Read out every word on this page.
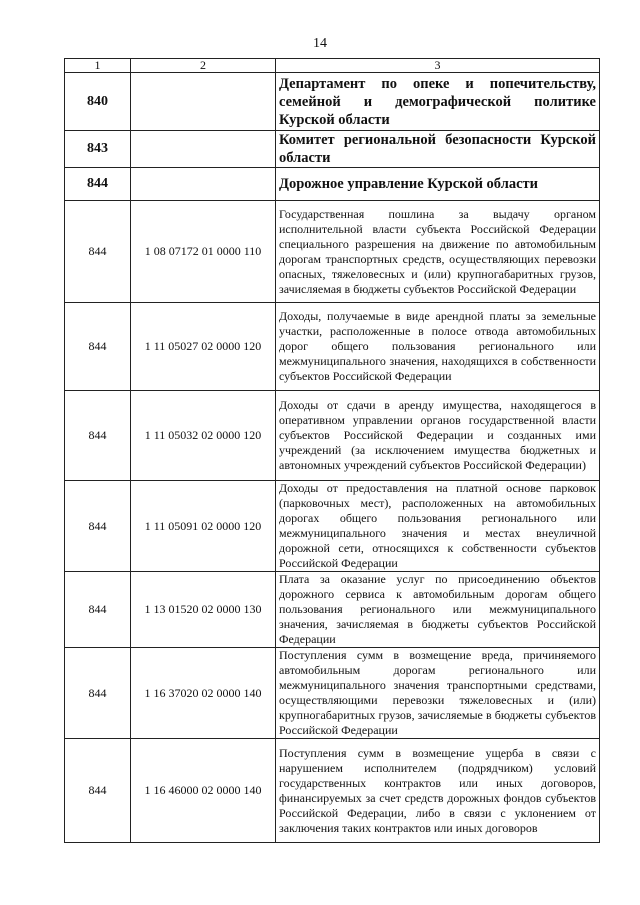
14
1	2	3
840		Департамент по опеке и попечительству, семейной и демографической политике Курской области
843		Комитет региональной безопасности Курской области
844		Дорожное управление Курской области
844	1 08 07172 01 0000 110	Государственная пошлина за выдачу органом исполнительной власти субъекта Российской Федерации специального разрешения на движение по автомобильным дорогам транспортных средств, осуществляющих перевозки опасных, тяжеловесных и (или) крупногабаритных грузов, зачисляемая в бюджеты субъектов Российской Федерации
844	1 11 05027 02 0000 120	Доходы, получаемые в виде арендной платы за земельные участки, расположенные в полосе отвода автомобильных дорог общего пользования регионального или межмуниципального значения, находящихся в собственности субъектов Российской Федерации
844	1 11 05032 02 0000 120	Доходы от сдачи в аренду имущества, находящегося в оперативном управлении органов государственной власти субъектов Российской Федерации и созданных ими учреждений (за исключением имущества бюджетных и автономных учреждений субъектов Российской Федерации)
844	1 11 05091 02 0000 120	Доходы от предоставления на платной основе парковок (парковочных мест), расположенных на автомобильных дорогах общего пользования регионального или межмуниципального значения и местах внеуличной дорожной сети, относящихся к собственности субъектов Российской Федерации
844	1 13 01520 02 0000 130	Плата за оказание услуг по присоединению объектов дорожного сервиса к автомобильным дорогам общего пользования регионального или межмуниципального значения, зачисляемая в бюджеты субъектов Российской Федерации
844	1 16 37020 02 0000 140	Поступления сумм в возмещение вреда, причиняемого автомобильным дорогам регионального или межмуниципального значения транспортными средствами, осуществляющими перевозки тяжеловесных и (или) крупногабаритных грузов, зачисляемые в бюджеты субъектов Российской Федерации
844	1 16 46000 02 0000 140	Поступления сумм в возмещение ущерба в связи с нарушением исполнителем (подрядчиком) условий государственных контрактов или иных договоров, финансируемых за счет средств дорожных фондов субъектов Российской Федерации, либо в связи с уклонением от заключения таких контрактов или иных договоров
